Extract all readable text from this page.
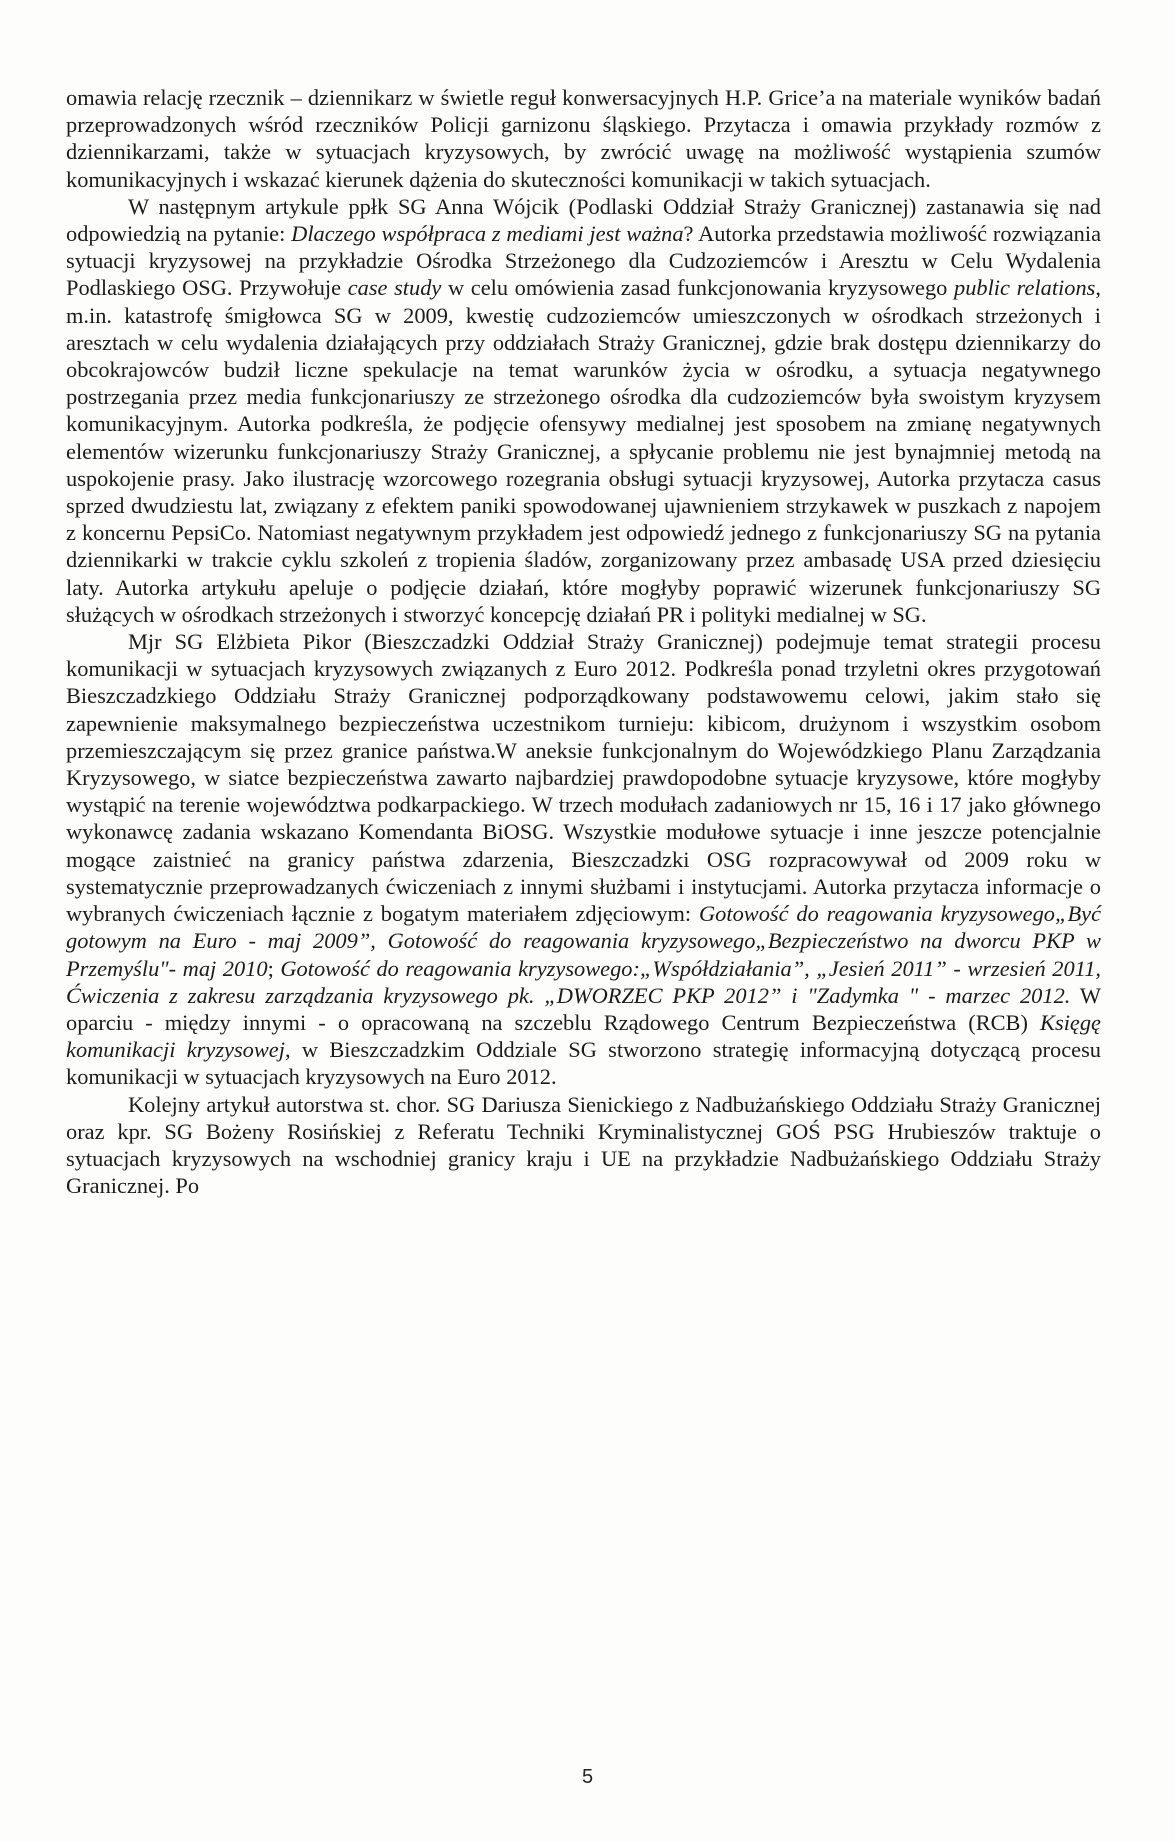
omawia relację rzecznik – dziennikarz w świetle reguł konwersacyjnych H.P. Grice’a na materiale wyników badań przeprowadzonych wśród rzeczników Policji garnizonu śląskiego. Przytacza i omawia przykłady rozmów z dziennikarzami, także w sytuacjach kryzysowych, by zwrócić uwagę na możliwość wystąpienia szumów komunikacyjnych i wskazać kierunek dążenia do skuteczności komunikacji w takich sytuacjach.

W następnym artykule ppłk SG Anna Wójcik (Podlaski Oddział Straży Granicznej) zastanawia się nad odpowiedzią na pytanie: Dlaczego współpraca z mediami jest ważna? Autorka przedstawia możliwość rozwiązania sytuacji kryzysowej na przykładzie Ośrodka Strzeżonego dla Cudzoziemców i Aresztu w Celu Wydalenia Podlaskiego OSG. Przywołuje case study w celu omówienia zasad funkcjonowania kryzysowego public relations, m.in. katastrofę śmigłowca SG w 2009, kwestię cudzoziemców umieszczonych w ośrodkach strzeżonych i aresztach w celu wydalenia działających przy oddziałach Straży Granicznej, gdzie brak dostępu dziennikarzy do obcokrajowców budził liczne spekulacje na temat warunków życia w ośrodku, a sytuacja negatywnego postrzegania przez media funkcjonariuszy ze strzeżonego ośrodka dla cudzoziemców była swoistym kryzysem komunikacyjnym. Autorka podkreśla, że podjęcie ofensywy medialnej jest sposobem na zmianę negatywnych elementów wizerunku funkcjonariuszy Straży Granicznej, a spłycanie problemu nie jest bynajmniej metodą na uspokojenie prasy. Jako ilustrację wzorcowego rozegrania obsługi sytuacji kryzysowej, Autorka przytacza casus sprzed dwudziestu lat, związany z efektem paniki spowodowanej ujawnieniem strzykawek w puszkach z napojem z koncernu PepsiCo. Natomiast negatywnym przykładem jest odpowiedź jednego z funkcjonariuszy SG na pytania dziennikarki w trakcie cyklu szkoleń z tropienia śladów, zorganizowany przez ambasadę USA przed dziesięciu laty. Autorka artykułu apeluje o podjęcie działań, które mogłyby poprawić wizerunek funkcjonariuszy SG służących w ośrodkach strzeżonych i stworzyć koncepcję działań PR i polityki medialnej w SG.

Mjr SG Elżbieta Pikor (Bieszczadzki Oddział Straży Granicznej) podejmuje temat strategii procesu komunikacji w sytuacjach kryzysowych związanych z Euro 2012. Podkreśla ponad trzyletni okres przygotowań Bieszczadzkiego Oddziału Straży Granicznej podporządkowany podstawowemu celowi, jakim stało się zapewnienie maksymalnego bezpieczeństwa uczestnikom turnieju: kibicom, drużynom i wszystkim osobom przemieszczającym się przez granice państwa.W aneksie funkcjonalnym do Wojewódzkiego Planu Zarządzania Kryzysowego, w siatce bezpieczeństwa zawarto najbardziej prawdopodobne sytuacje kryzysowe, które mogłyby wystąpić na terenie województwa podkarpackiego. W trzech modułach zadaniowych nr 15, 16 i 17 jako głównego wykonawcę zadania wskazano Komendanta BiOSG. Wszystkie modułowe sytuacje i inne jeszcze potencjalnie mogące zaistnieć na granicy państwa zdarzenia, Bieszczadzki OSG rozpracowywał od 2009 roku w systematycznie przeprowadzanych ćwiczeniach z innymi służbami i instytucjami. Autorka przytacza informacje o wybranych ćwiczeniach łącznie z bogatym materiałem zdjęciowym: Gotowość do reagowania kryzysowego„Być gotowym na Euro - maj 2009”, Gotowość do reagowania kryzysowego„Bezpieczeństwo na dworcu PKP w Przemyślu"- maj 2010; Gotowość do reagowania kryzysowego:„Współdziałania”, „Jesień 2011” - wrzesień 2011, Ćwiczenia z zakresu zarządzania kryzysowego pk. „DWORZEC PKP 2012” i "Zadymka " - marzec 2012. W oparciu - między innymi - o opracowaną na szczeblu Rządowego Centrum Bezpieczeństwa (RCB) Księgę komunikacji kryzysowej, w Bieszczadzkim Oddziale SG stworzono strategię informacyjną dotyczącą procesu komunikacji w sytuacjach kryzysowych na Euro 2012.

Kolejny artykuł autorstwa st. chor. SG Dariusza Sienickiego z Nadbużańskiego Oddziału Straży Granicznej oraz kpr. SG Bożeny Rosińskiej z Referatu Techniki Kryminalistycznej GOŚ PSG Hrubieszów traktuje o sytuacjach kryzysowych na wschodniej granicy kraju i UE na przykładzie Nadbużańskiego Oddziału Straży Granicznej. Po

5
